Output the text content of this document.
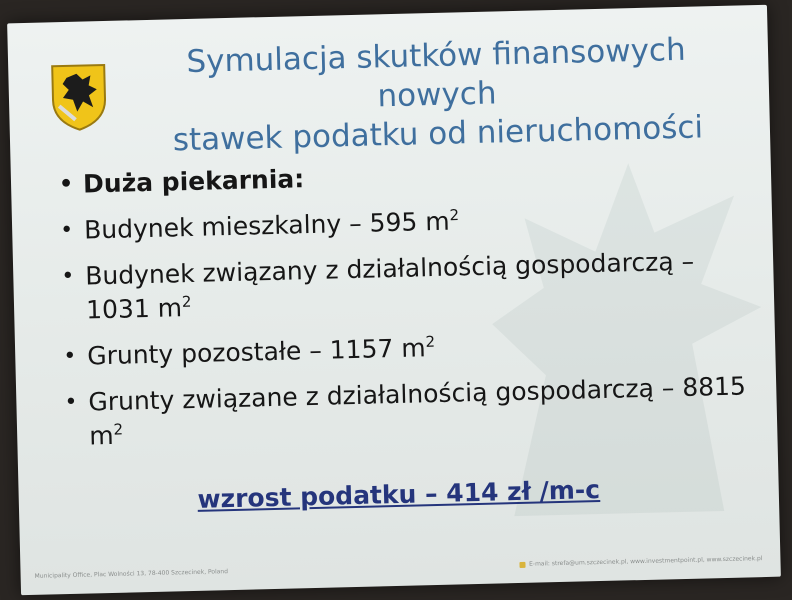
Symulacja skutków finansowych nowych
stawek podatku od nieruchomości
• Duża piekarnia:
• Budynek mieszkalny – 595 $m^2$
• Budynek związany z działalnością gospodarczą – 1031 $m^2$
• Grunty pozostałe – 1157 $m^2$
• Grunty związane z działalnością gospodarczą – 8815 $m^2$
wzrost podatku – 414 zł /m-c
Municipality Office, Plac Wolności 13, 78-400 Szczecinek, Poland
E-mail: strefa@um.szczecinek.pl, www.investmentpoint.pl, www.szczecinek.pl
